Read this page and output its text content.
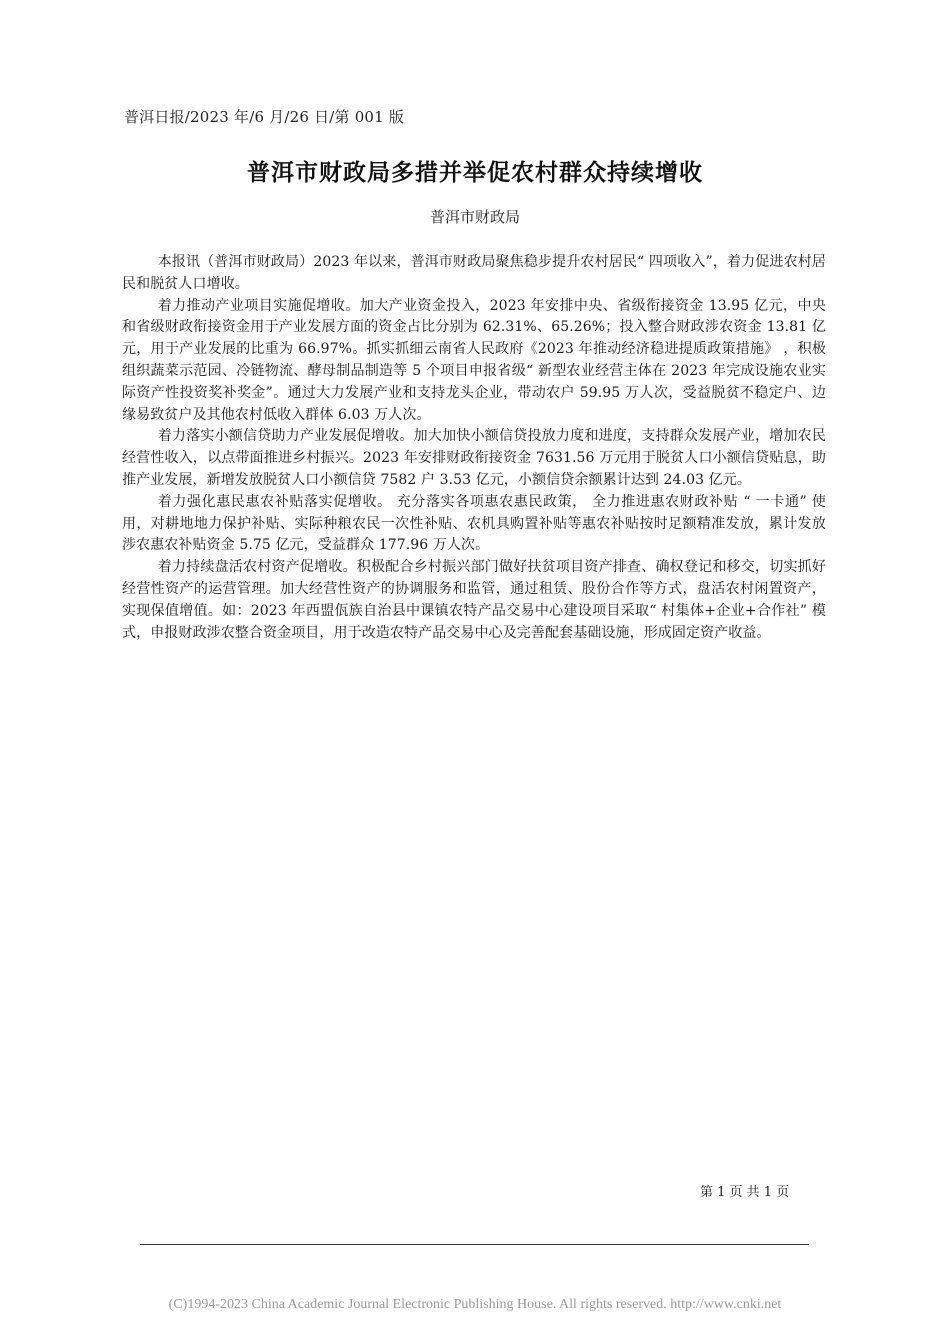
普洱日报/2023 年/6 月/26 日/第 001 版
普洱市财政局多措并举促农村群众持续增收
普洱市财政局

本报讯（普洱市财政局）2023 年以来，普洱市财政局聚焦稳步提升农村居民“ 四项收入”，着力促进农村居民和脱贫人口增收。

着力推动产业项目实施促增收。加大产业资金投入，2023 年安排中央、省级衔接资金 13.95 亿元，中央和省级财政衔接资金用于产业发展方面的资金占比分别为 62.31%、65.26%；投入整合财政涉农资金 13.81 亿元，用于产业发展的比重为 66.97%。抓实抓细云南省人民政府《2023 年推动经济稳进提质政策措施》 ，积极组织蔬菜示范园、冷链物流、酵母制品制造等 5 个项目申报省级“ 新型农业经营主体在 2023 年完成设施农业实际资产性投资奖补奖金”。通过大力发展产业和支持龙头企业，带动农户 59.95 万人次，受益脱贫不稳定户、边缘易致贫户及其他农村低收入群体 6.03 万人次。

着力落实小额信贷助力产业发展促增收。加大加快小额信贷投放力度和进度，支持群众发展产业，增加农民经营性收入，以点带面推进乡村振兴。2023 年安排财政衔接资金 7631.56 万元用于脱贫人口小额信贷贴息，助推产业发展，新增发放脱贫人口小额信贷 7582 户 3.53 亿元，小额信贷余额累计达到 24.03 亿元。

着力强化惠民惠农补贴落实促增收。 充分落实各项惠农惠民政策， 全力推进惠农财政补贴 “ 一卡通” 使用，对耕地地力保护补贴、实际种粮农民一次性补贴、农机具购置补贴等惠农补贴按时足额精准发放，累计发放涉农惠农补贴资金 5.75 亿元，受益群众 177.96 万人次。

着力持续盘活农村资产促增收。积极配合乡村振兴部门做好扶贫项目资产排查、确权登记和移交，切实抓好经营性资产的运营管理。加大经营性资产的协调服务和监管，通过租赁、股份合作等方式，盘活农村闲置资产，实现保值增值。如：2023 年西盟佤族自治县中课镇农特产品交易中心建设项目采取“ 村集体+企业+合作社” 模式，申报财政涉农整合资金项目，用于改造农特产品交易中心及完善配套基础设施，形成固定资产收益。

第 1 页 共 1 页
(C)1994-2023 China Academic Journal Electronic Publishing House. All rights reserved. http://www.cnki.net
